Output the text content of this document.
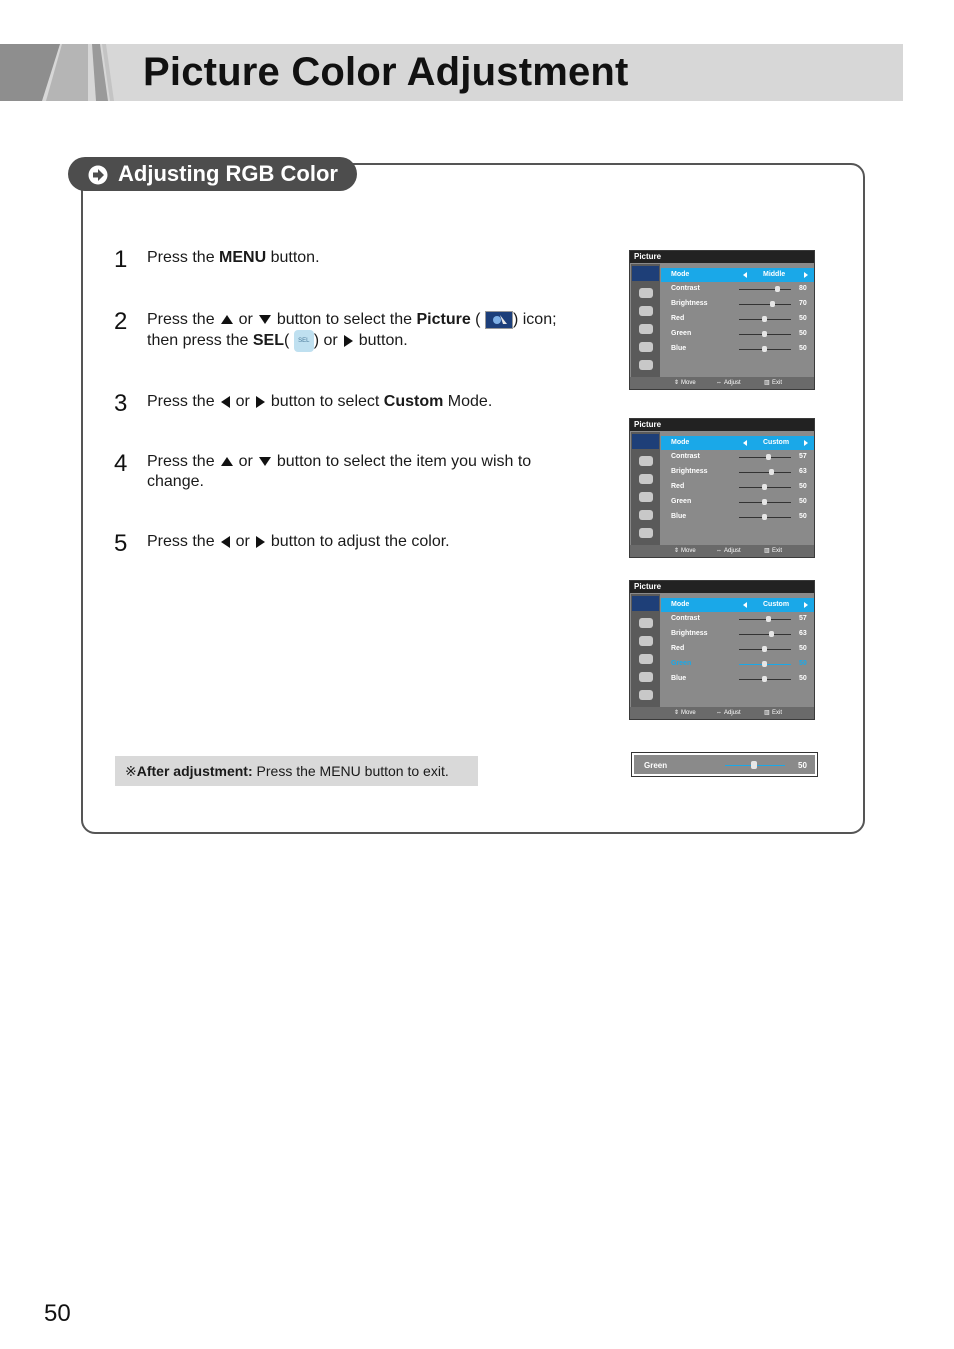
Picture Color Adjustment
Adjusting RGB Color
1 Press the MENU button.
2 Press the or button to select the Picture ( ) icon;
then press the SEL( SEL ) or button.
3 Press the or button to select Custom Mode.
4 Press the or button to select the item you wish to
change.
5 Press the or button to adjust the color.
Picture
Mode	Middle
Contrast	80
Brightness	70
Red	50
Green	50
Blue	50
⇕ Move	⇔ Adjust	▥ Exit
Picture
Mode	Custom
Contrast	57
Brightness	63
Red	50
Green	50
Blue	50
⇕ Move	⇔ Adjust	▥ Exit
Picture
Mode	Custom
Contrast	57
Brightness	63
Red	50
Green	50
Blue	50
⇕ Move	⇔ Adjust	▥ Exit
Green	50
※After adjustment: Press the MENU button to exit.
50
